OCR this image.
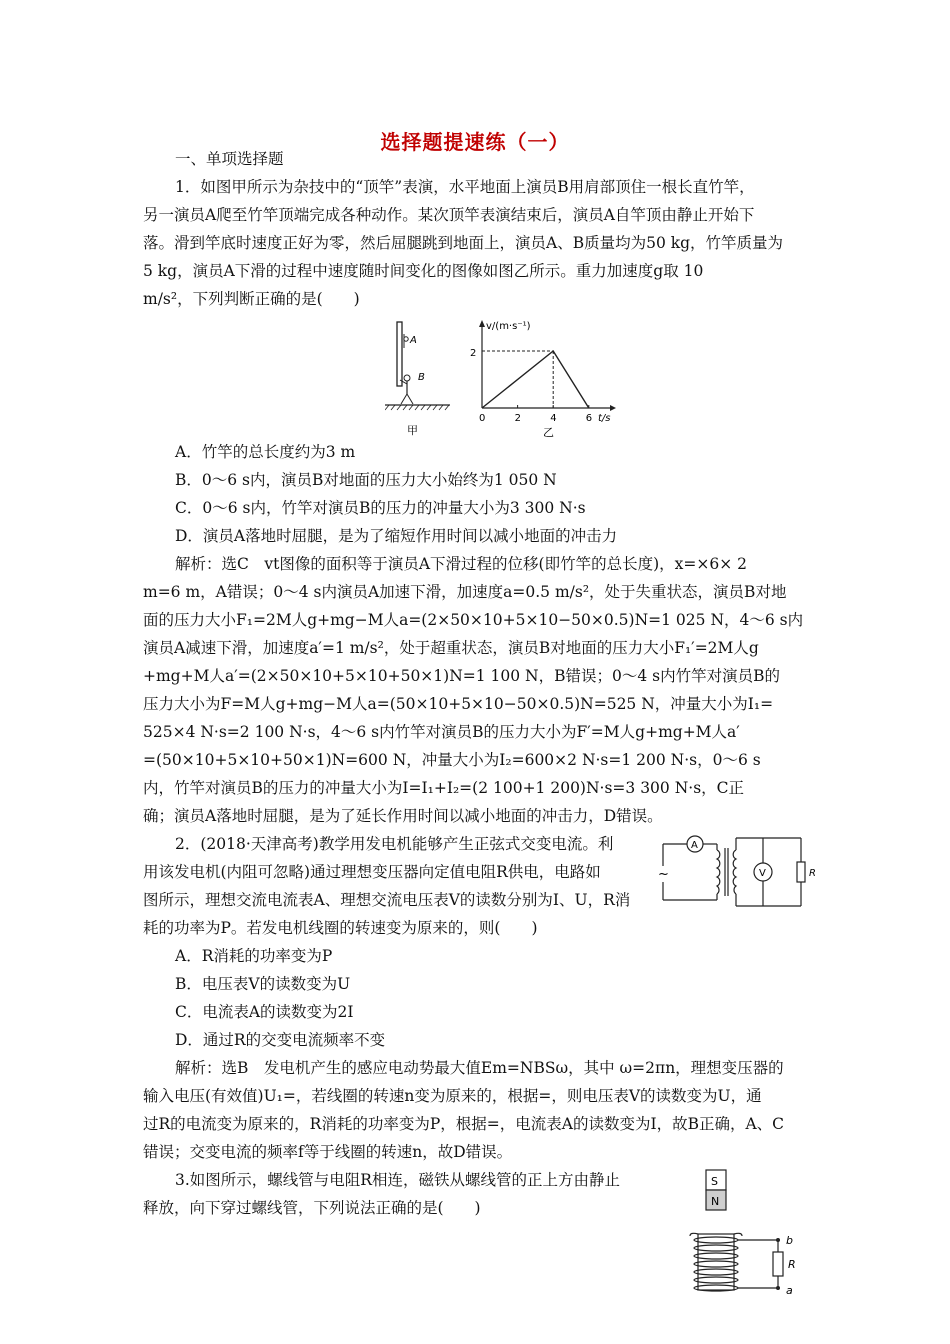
选择题提速练（一）
一、单项选择题
1．如图甲所示为杂技中的“顶竿”表演，水平地面上演员B用肩部顶住一根长直竹竿，
另一演员A爬至竹竿顶端完成各种动作。某次顶竿表演结束后，演员A自竿顶由静止开始下
落。滑到竿底时速度正好为零，然后屈腿跳到地面上，演员A、B质量均为50 kg，竹竿质量为
5 kg，演员A下滑的过程中速度随时间变化的图像如图乙所示。重力加速度g取 10
m/s²，下列判断正确的是(　　)
A
B
甲
v/(m·s⁻¹)
t/s
2
0	2	4	6
乙
A．竹竿的总长度约为3 m
B．0～6 s内，演员B对地面的压力大小始终为1 050 N
C．0～6 s内，竹竿对演员B的压力的冲量大小为3 300 N·s
D．演员A落地时屈腿，是为了缩短作用时间以减小地面的冲击力
解析：选C　vt图像的面积等于演员A下滑过程的位移(即竹竿的总长度)，x=×6× 2
m=6 m，A错误；0～4 s内演员A加速下滑，加速度a=0.5 m/s²，处于失重状态，演员B对地
面的压力大小F₁=2M人g+mg−M人a=(2×50×10+5×10−50×0.5)N=1 025 N，4～6 s内
演员A减速下滑，加速度a′=1 m/s²，处于超重状态，演员B对地面的压力大小F₁′=2M人g
+mg+M人a′=(2×50×10+5×10+50×1)N=1 100 N，B错误；0～4 s内竹竿对演员B的
压力大小为F=M人g+mg−M人a=(50×10+5×10−50×0.5)N=525 N，冲量大小为I₁=
525×4 N·s=2 100 N·s，4～6 s内竹竿对演员B的压力大小为F′=M人g+mg+M人a′
=(50×10+5×10+50×1)N=600 N，冲量大小为I₂=600×2 N·s=1 200 N·s，0～6 s
内，竹竿对演员B的压力的冲量大小为I=I₁+I₂=(2 100+1 200)N·s=3 300 N·s，C正
确；演员A落地时屈腿，是为了延长作用时间以减小地面的冲击力，D错误。
2．(2018·天津高考)教学用发电机能够产生正弦式交变电流。利
用该发电机(内阻可忽略)通过理想变压器向定值电阻R供电，电路如
图所示，理想交流电流表A、理想交流电压表V的读数分别为I、U，R消
耗的功率为P。若发电机线圈的转速变为原来的，则(　　)
A
V	R
~
A．R消耗的功率变为P
B．电压表V的读数变为U
C．电流表A的读数变为2I
D．通过R的交变电流频率不变
解析：选B　发电机产生的感应电动势最大值Em=NBSω，其中 ω=2πn，理想变压器的
输入电压(有效值)U₁=，若线圈的转速n变为原来的，根据=，则电压表V的读数变为U，通
过R的电流变为原来的，R消耗的功率变为P，根据=，电流表A的读数变为I，故B正确，A、C
错误；交变电流的频率f等于线圈的转速n，故D错误。
3.如图所示，螺线管与电阻R相连，磁铁从螺线管的正上方由静止
释放，向下穿过螺线管，下列说法正确的是(　　)
S
N
b
R
a
